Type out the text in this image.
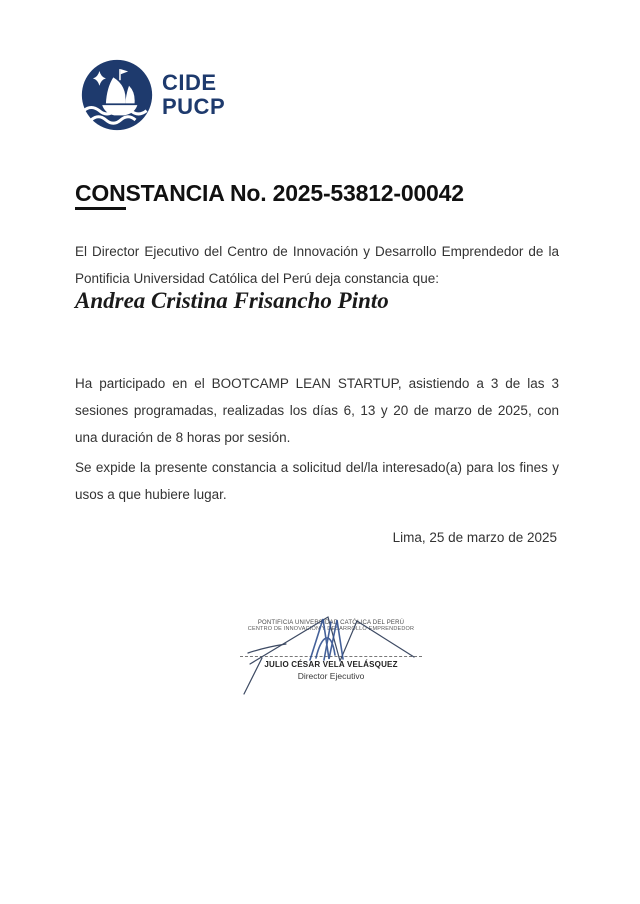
CIDE
PUCP
CONSTANCIA No. 2025-53812-00042

El Director Ejecutivo del Centro de Innovación y Desarrollo Emprendedor de la Pontificia Universidad Católica del Perú deja constancia que:

Andrea Cristina Frisancho Pinto

Ha participado en el BOOTCAMP LEAN STARTUP, asistiendo a 3 de las 3 sesiones programadas, realizadas los días 6, 13 y 20 de marzo de 2025, con una duración de 8 horas por sesión.

Se expide la presente constancia a solicitud del/la interesado(a) para los fines y usos a que hubiere lugar.

Lima, 25 de marzo de 2025
PONTIFICIA UNIVERSIDAD CATÓLICA DEL PERÚ
CENTRO DE INNOVACIÓN Y DESARROLLO EMPRENDEDOR
JULIO CÉSAR VELA VELÁSQUEZ
Director Ejecutivo
